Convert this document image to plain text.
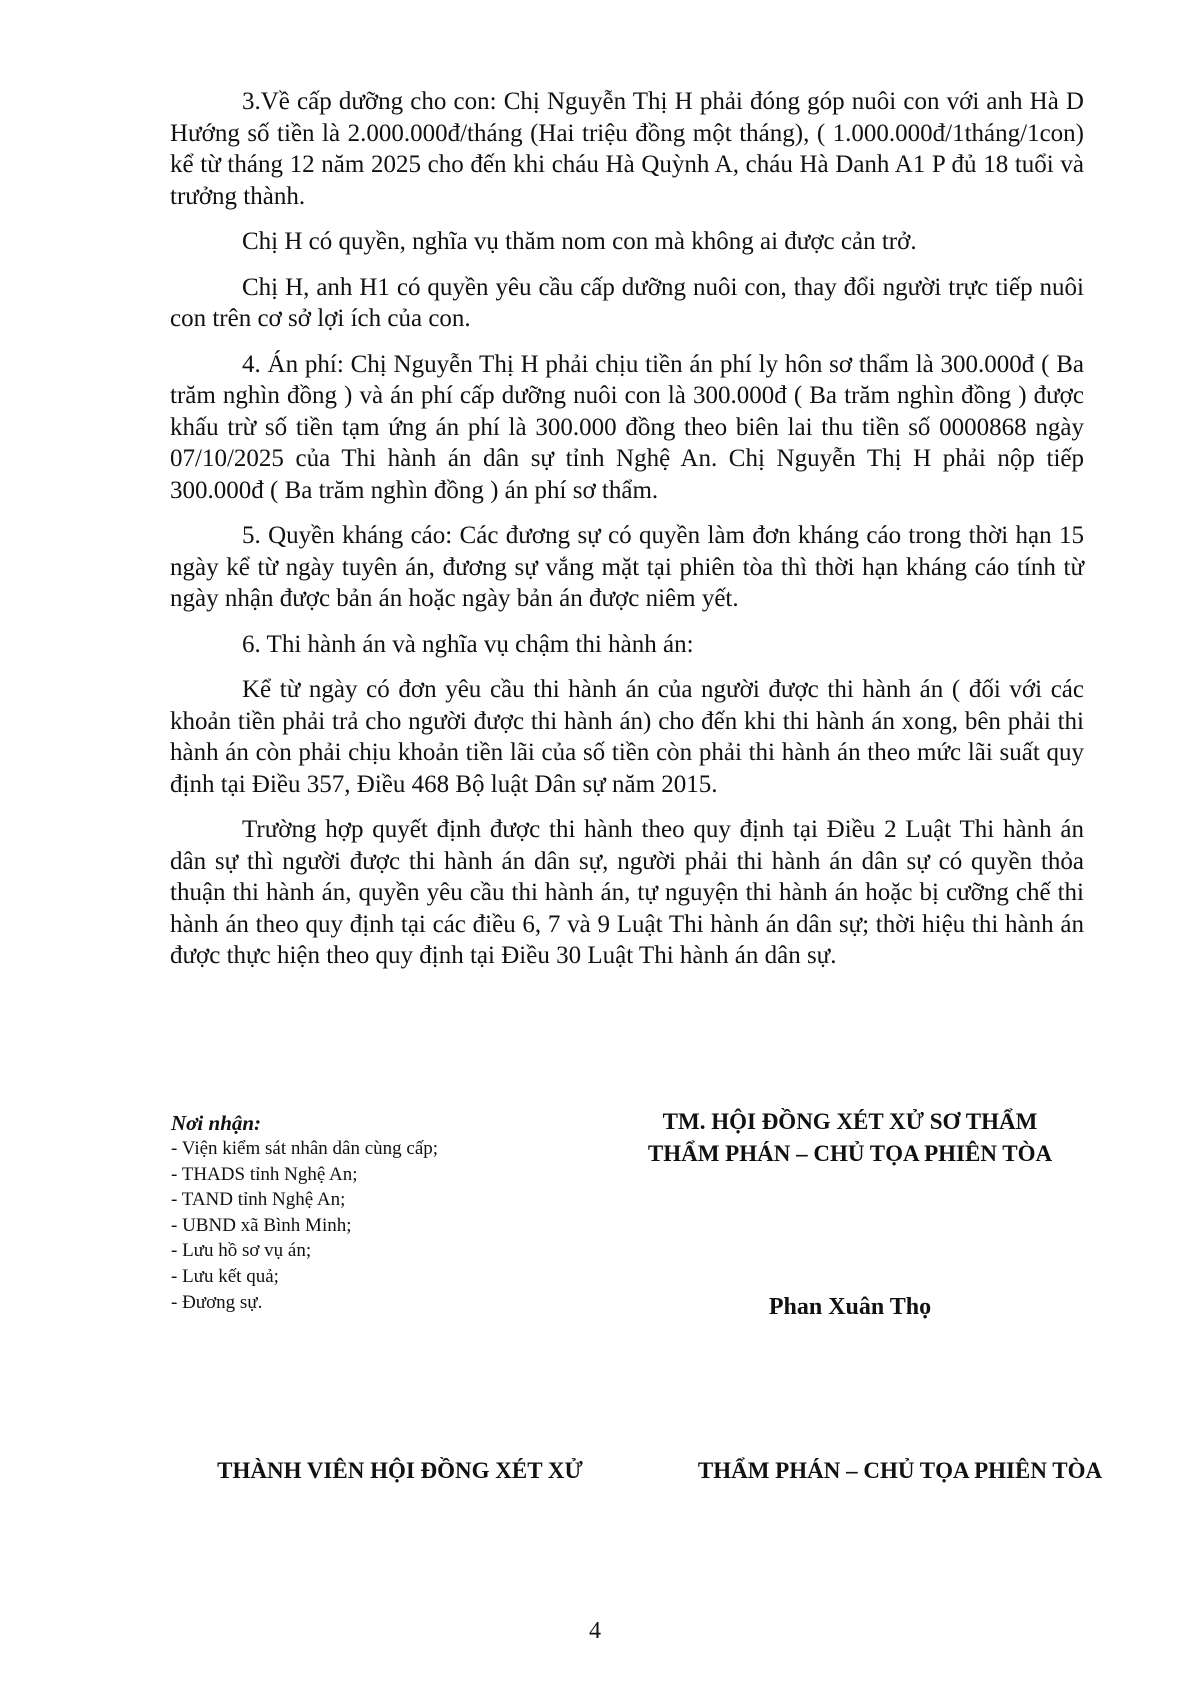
3.Về cấp dưỡng cho con: Chị Nguyễn Thị H phải đóng góp nuôi con với anh Hà D Hướng số tiền là 2.000.000đ/tháng (Hai triệu đồng một tháng), ( 1.000.000đ/1tháng/1con) kể từ tháng 12 năm 2025 cho đến khi cháu Hà Quỳnh A, cháu Hà Danh A1 P đủ 18 tuổi và trưởng thành.

Chị H có quyền, nghĩa vụ thăm nom con mà không ai được cản trở.

Chị H, anh H1 có quyền yêu cầu cấp dưỡng nuôi con, thay đổi người trực tiếp nuôi con trên cơ sở lợi ích của con.

4. Án phí: Chị Nguyễn Thị H phải chịu tiền án phí ly hôn sơ thẩm là 300.000đ ( Ba trăm nghìn đồng ) và án phí cấp dưỡng nuôi con là 300.000đ ( Ba trăm nghìn đồng ) được khấu trừ số tiền tạm ứng án phí là 300.000 đồng theo biên lai thu tiền số 0000868 ngày 07/10/2025 của Thi hành án dân sự tỉnh Nghệ An. Chị Nguyễn Thị H phải nộp tiếp 300.000đ ( Ba trăm nghìn đồng ) án phí sơ thẩm.

5. Quyền kháng cáo: Các đương sự có quyền làm đơn kháng cáo trong thời hạn 15 ngày kể từ ngày tuyên án, đương sự vắng mặt tại phiên tòa thì thời hạn kháng cáo tính từ ngày nhận được bản án hoặc ngày bản án được niêm yết.

6. Thi hành án và nghĩa vụ chậm thi hành án:

Kể từ ngày có đơn yêu cầu thi hành án của người được thi hành án ( đối với các khoản tiền phải trả cho người được thi hành án) cho đến khi thi hành án xong, bên phải thi hành án còn phải chịu khoản tiền lãi của số tiền còn phải thi hành án theo mức lãi suất quy định tại Điều 357, Điều 468 Bộ luật Dân sự năm 2015.

Trường hợp quyết định được thi hành theo quy định tại Điều 2 Luật Thi hành án dân sự thì người được thi hành án dân sự, người phải thi hành án dân sự có quyền thỏa thuận thi hành án, quyền yêu cầu thi hành án, tự nguyện thi hành án hoặc bị cưỡng chế thi hành án theo quy định tại các điều 6, 7 và 9 Luật Thi hành án dân sự; thời hiệu thi hành án được thực hiện theo quy định tại Điều 30 Luật Thi hành án dân sự.

Nơi nhận:
- Viện kiểm sát nhân dân cùng cấp;
- THADS tỉnh Nghệ An;
- TAND tỉnh Nghệ An;
- UBND xã Bình Minh;
- Lưu hồ sơ vụ án;
- Lưu kết quả;
- Đương sự.
TM. HỘI ĐỒNG XÉT XỬ SƠ THẨM
THẨM PHÁN – CHỦ TỌA PHIÊN TÒA
Phan Xuân Thọ
THÀNH VIÊN HỘI ĐỒNG XÉT XỬ	THẨM PHÁN – CHỦ TỌA PHIÊN TÒA
4
